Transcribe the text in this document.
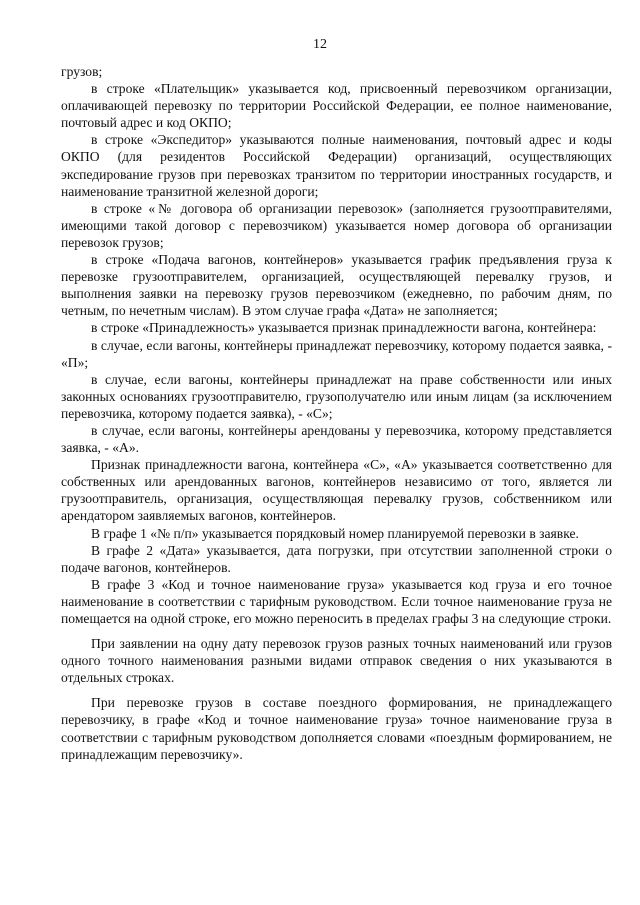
12

грузов;

в строке «Плательщик» указывается код, присвоенный перевозчиком организации, оплачивающей перевозку по территории Российской Федерации, ее полное наименование, почтовый адрес и код ОКПО;

в строке «Экспедитор» указываются полные наименования, почтовый адрес и коды ОКПО (для резидентов Российской Федерации) организаций, осуществляющих экспедирование грузов при перевозках транзитом по территории иностранных государств, и наименование транзитной железной дороги;

в строке «№ договора об организации перевозок» (заполняется грузоотправителями, имеющими такой договор с перевозчиком) указывается номер договора об организации перевозок грузов;

в строке «Подача вагонов, контейнеров» указывается график предъявления груза к перевозке грузоотправителем, организацией, осуществляющей перевалку грузов, и выполнения заявки на перевозку грузов перевозчиком (ежедневно, по рабочим дням, по четным, по нечетным числам). В этом случае графа «Дата» не заполняется;

в строке «Принадлежность» указывается признак принадлежности вагона, контейнера:

в случае, если вагоны, контейнеры принадлежат перевозчику, которому подается заявка, - «П»;

в случае, если вагоны, контейнеры принадлежат на праве собственности или иных законных основаниях грузоотправителю, грузополучателю или иным лицам (за исключением перевозчика, которому подается заявка), - «С»;

в случае, если вагоны, контейнеры арендованы у перевозчика, которому представляется заявка, - «А».

Признак принадлежности вагона, контейнера «С», «А» указывается соответственно для собственных или арендованных вагонов, контейнеров независимо от того, является ли грузоотправитель, организация, осуществляющая перевалку грузов, собственником или арендатором заявляемых вагонов, контейнеров.

В графе 1 «№ п/п» указывается порядковый номер планируемой перевозки в заявке.

В графе 2 «Дата» указывается, дата погрузки, при отсутствии заполненной строки о подаче вагонов, контейнеров.

В графе 3 «Код и точное наименование груза» указывается код груза и его точное наименование в соответствии с тарифным руководством. Если точное наименование груза не помещается на одной строке, его можно переносить в пределах графы 3 на следующие строки.

При заявлении на одну дату перевозок грузов разных точных наименований или грузов одного точного наименования разными видами отправок сведения о них указываются в отдельных строках.

При перевозке грузов в составе поездного формирования, не принадлежащего перевозчику, в графе «Код и точное наименование груза» точное наименование груза в соответствии с тарифным руководством дополняется словами «поездным формированием, не принадлежащим перевозчику».
